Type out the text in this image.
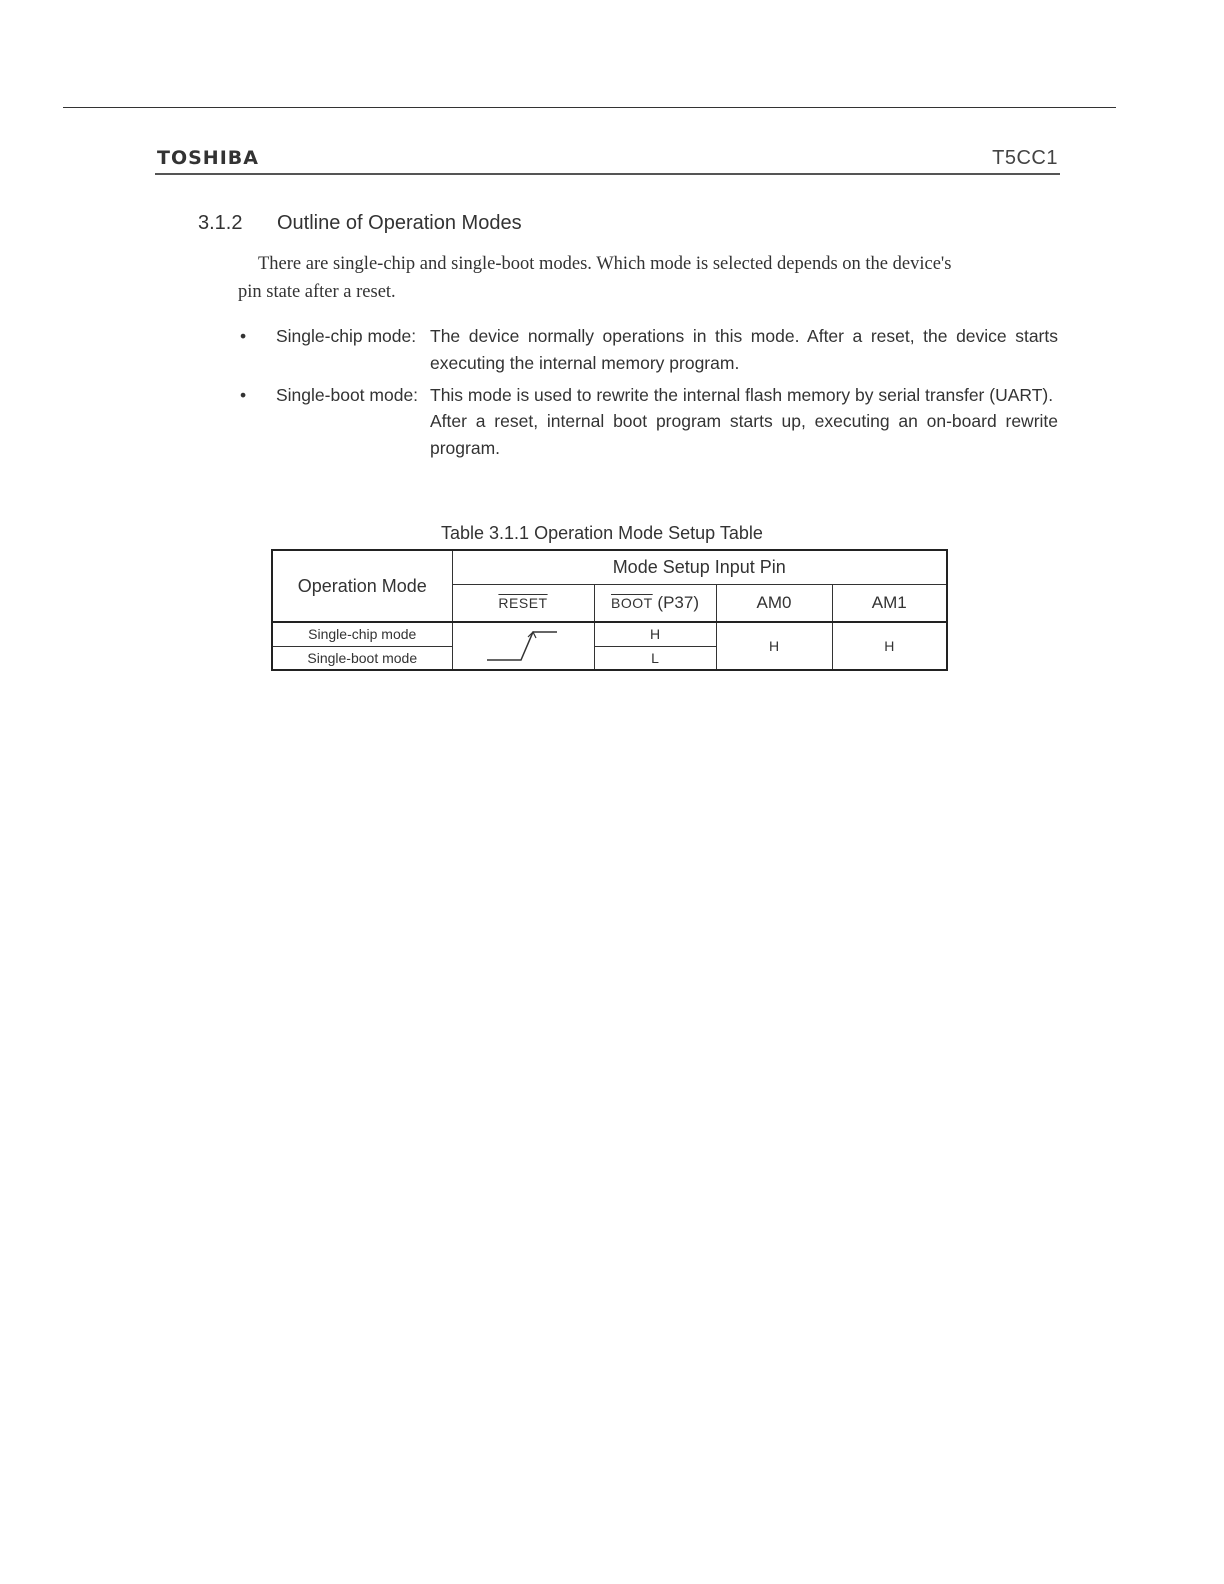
TOSHIBA	T5CC1
3.1.2 Outline of Operation Modes
There are single-chip and single-boot modes. Which mode is selected depends on the device's
pin state after a reset.
• Single-chip mode: The device normally operations in this mode. After a reset, the device starts executing the internal memory program.
• Single-boot mode: This mode is used to rewrite the internal flash memory by serial transfer (UART).
After a reset, internal boot program starts up, executing an on-board rewrite program.
Table 3.1.1 Operation Mode Setup Table
Operation Mode	Mode Setup Input Pin			
	RESET	BOOT (P37)	AM0	AM1
Single-chip mode		H	H	H
Single-boot mode		L		
